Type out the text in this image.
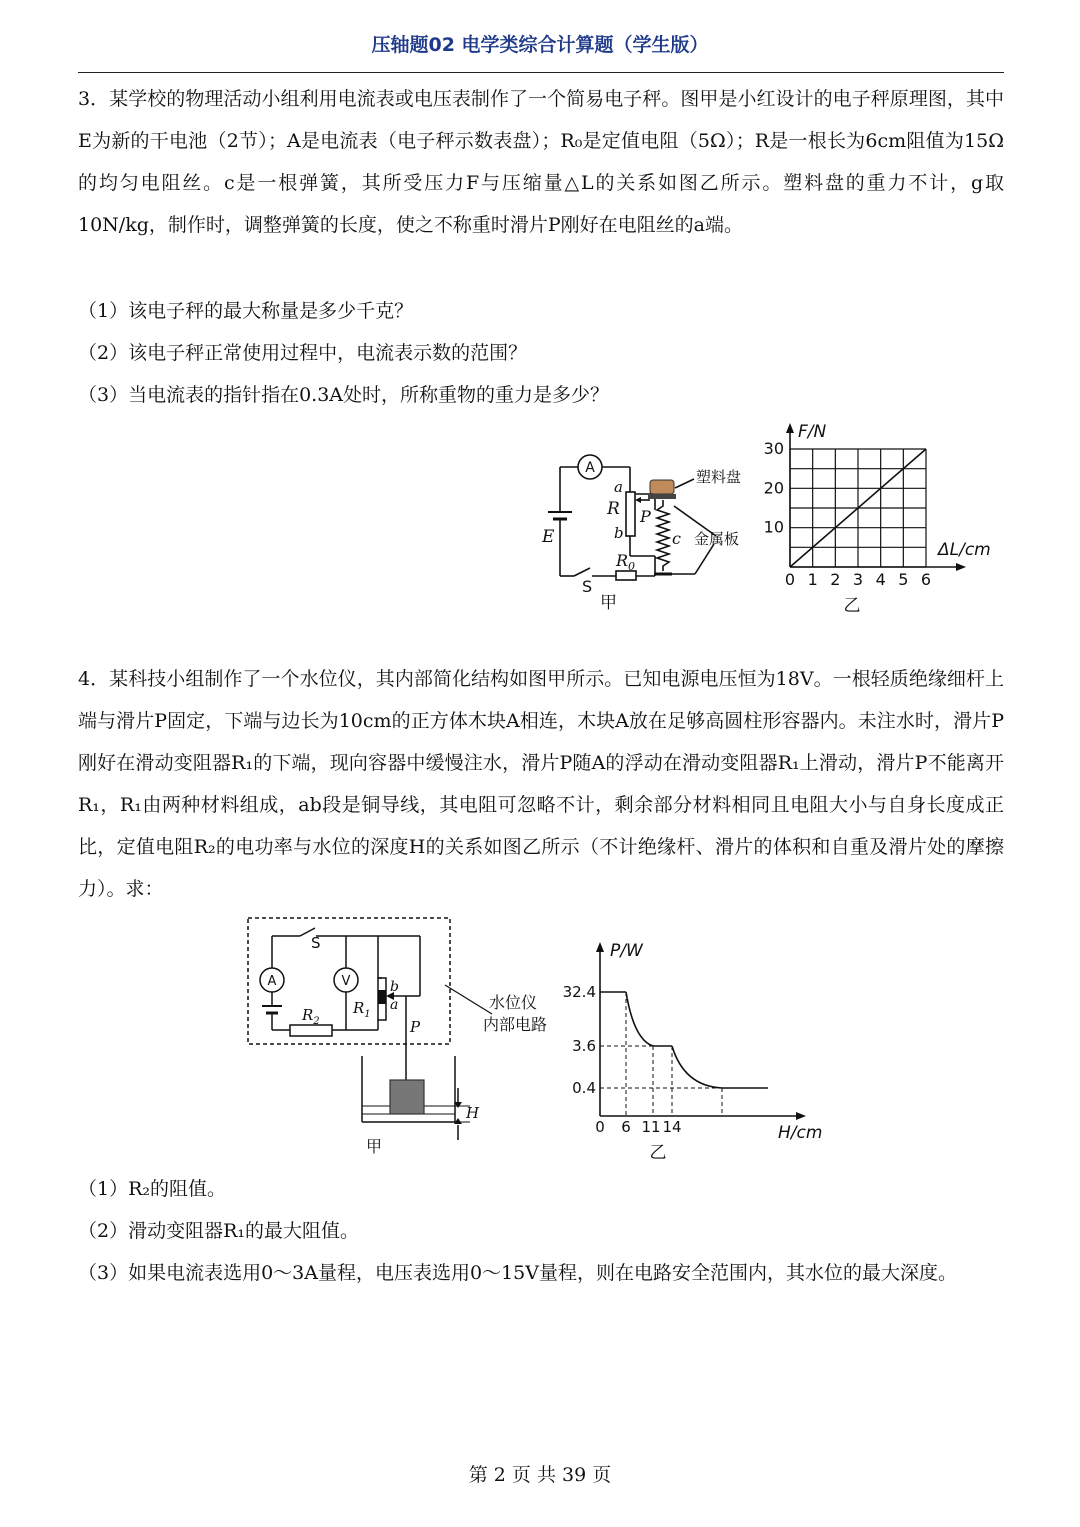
压轴题02 电学类综合计算题（学生版）

3．某学校的物理活动小组利用电流表或电压表制作了一个简易电子秤。图甲是小红设计的电子秤原理图，其中E为新的干电池（2节）；A是电流表（电子秤示数表盘）；R₀是定值电阻（5Ω）；R是一根长为6cm阻值为15Ω的均匀电阻丝。c是一根弹簧，其所受压力F与压缩量△L的关系如图乙所示。塑料盘的重力不计，g取10N/kg，制作时，调整弹簧的长度，使之不称重时滑片P刚好在电阻丝的a端。

（1）该电子秤的最大称量是多少千克？
（2）该电子秤正常使用过程中，电流表示数的范围？
（3）当电流表的指针指在0.3A处时，所称重物的重力是多少？
A
a
R
b
P
E	c
$R_0$
S
塑料盘
金属板
甲
0 1 2 3 4 5 6
10
20
30
F/N
ΔL/cm
乙

4．某科技小组制作了一个水位仪，其内部简化结构如图甲所示。已知电源电压恒为18V。一根轻质绝缘细杆上端与滑片P固定，下端与边长为10cm的正方体木块A相连，木块A放在足够高圆柱形容器内。未注水时，滑片P刚好在滑动变阻器R₁的下端，现向容器中缓慢注水，滑片P随A的浮动在滑动变阻器R₁上滑动，滑片P不能离开R₁，R₁由两种材料组成，ab段是铜导线，其电阻可忽略不计，剩余部分材料相同且电阻大小与自身长度成正比，定值电阻R₂的电功率与水位的深度H的关系如图乙所示（不计绝缘杆、滑片的体积和自重及滑片处的摩擦力）。求：

S
A	V
$R_2$
$R_1$
b
a
P
H
水位仪
内部电路
甲
32.4
3.6
0.4
0 6 11 14
P/W
H/cm
乙
（1）R₂的阻值。
（2）滑动变阻器R₁的最大阻值。

（3）如果电流表选用0～3A量程，电压表选用0～15V量程，则在电路安全范围内，其水位的最大深度。

第 2 页 共 39 页
